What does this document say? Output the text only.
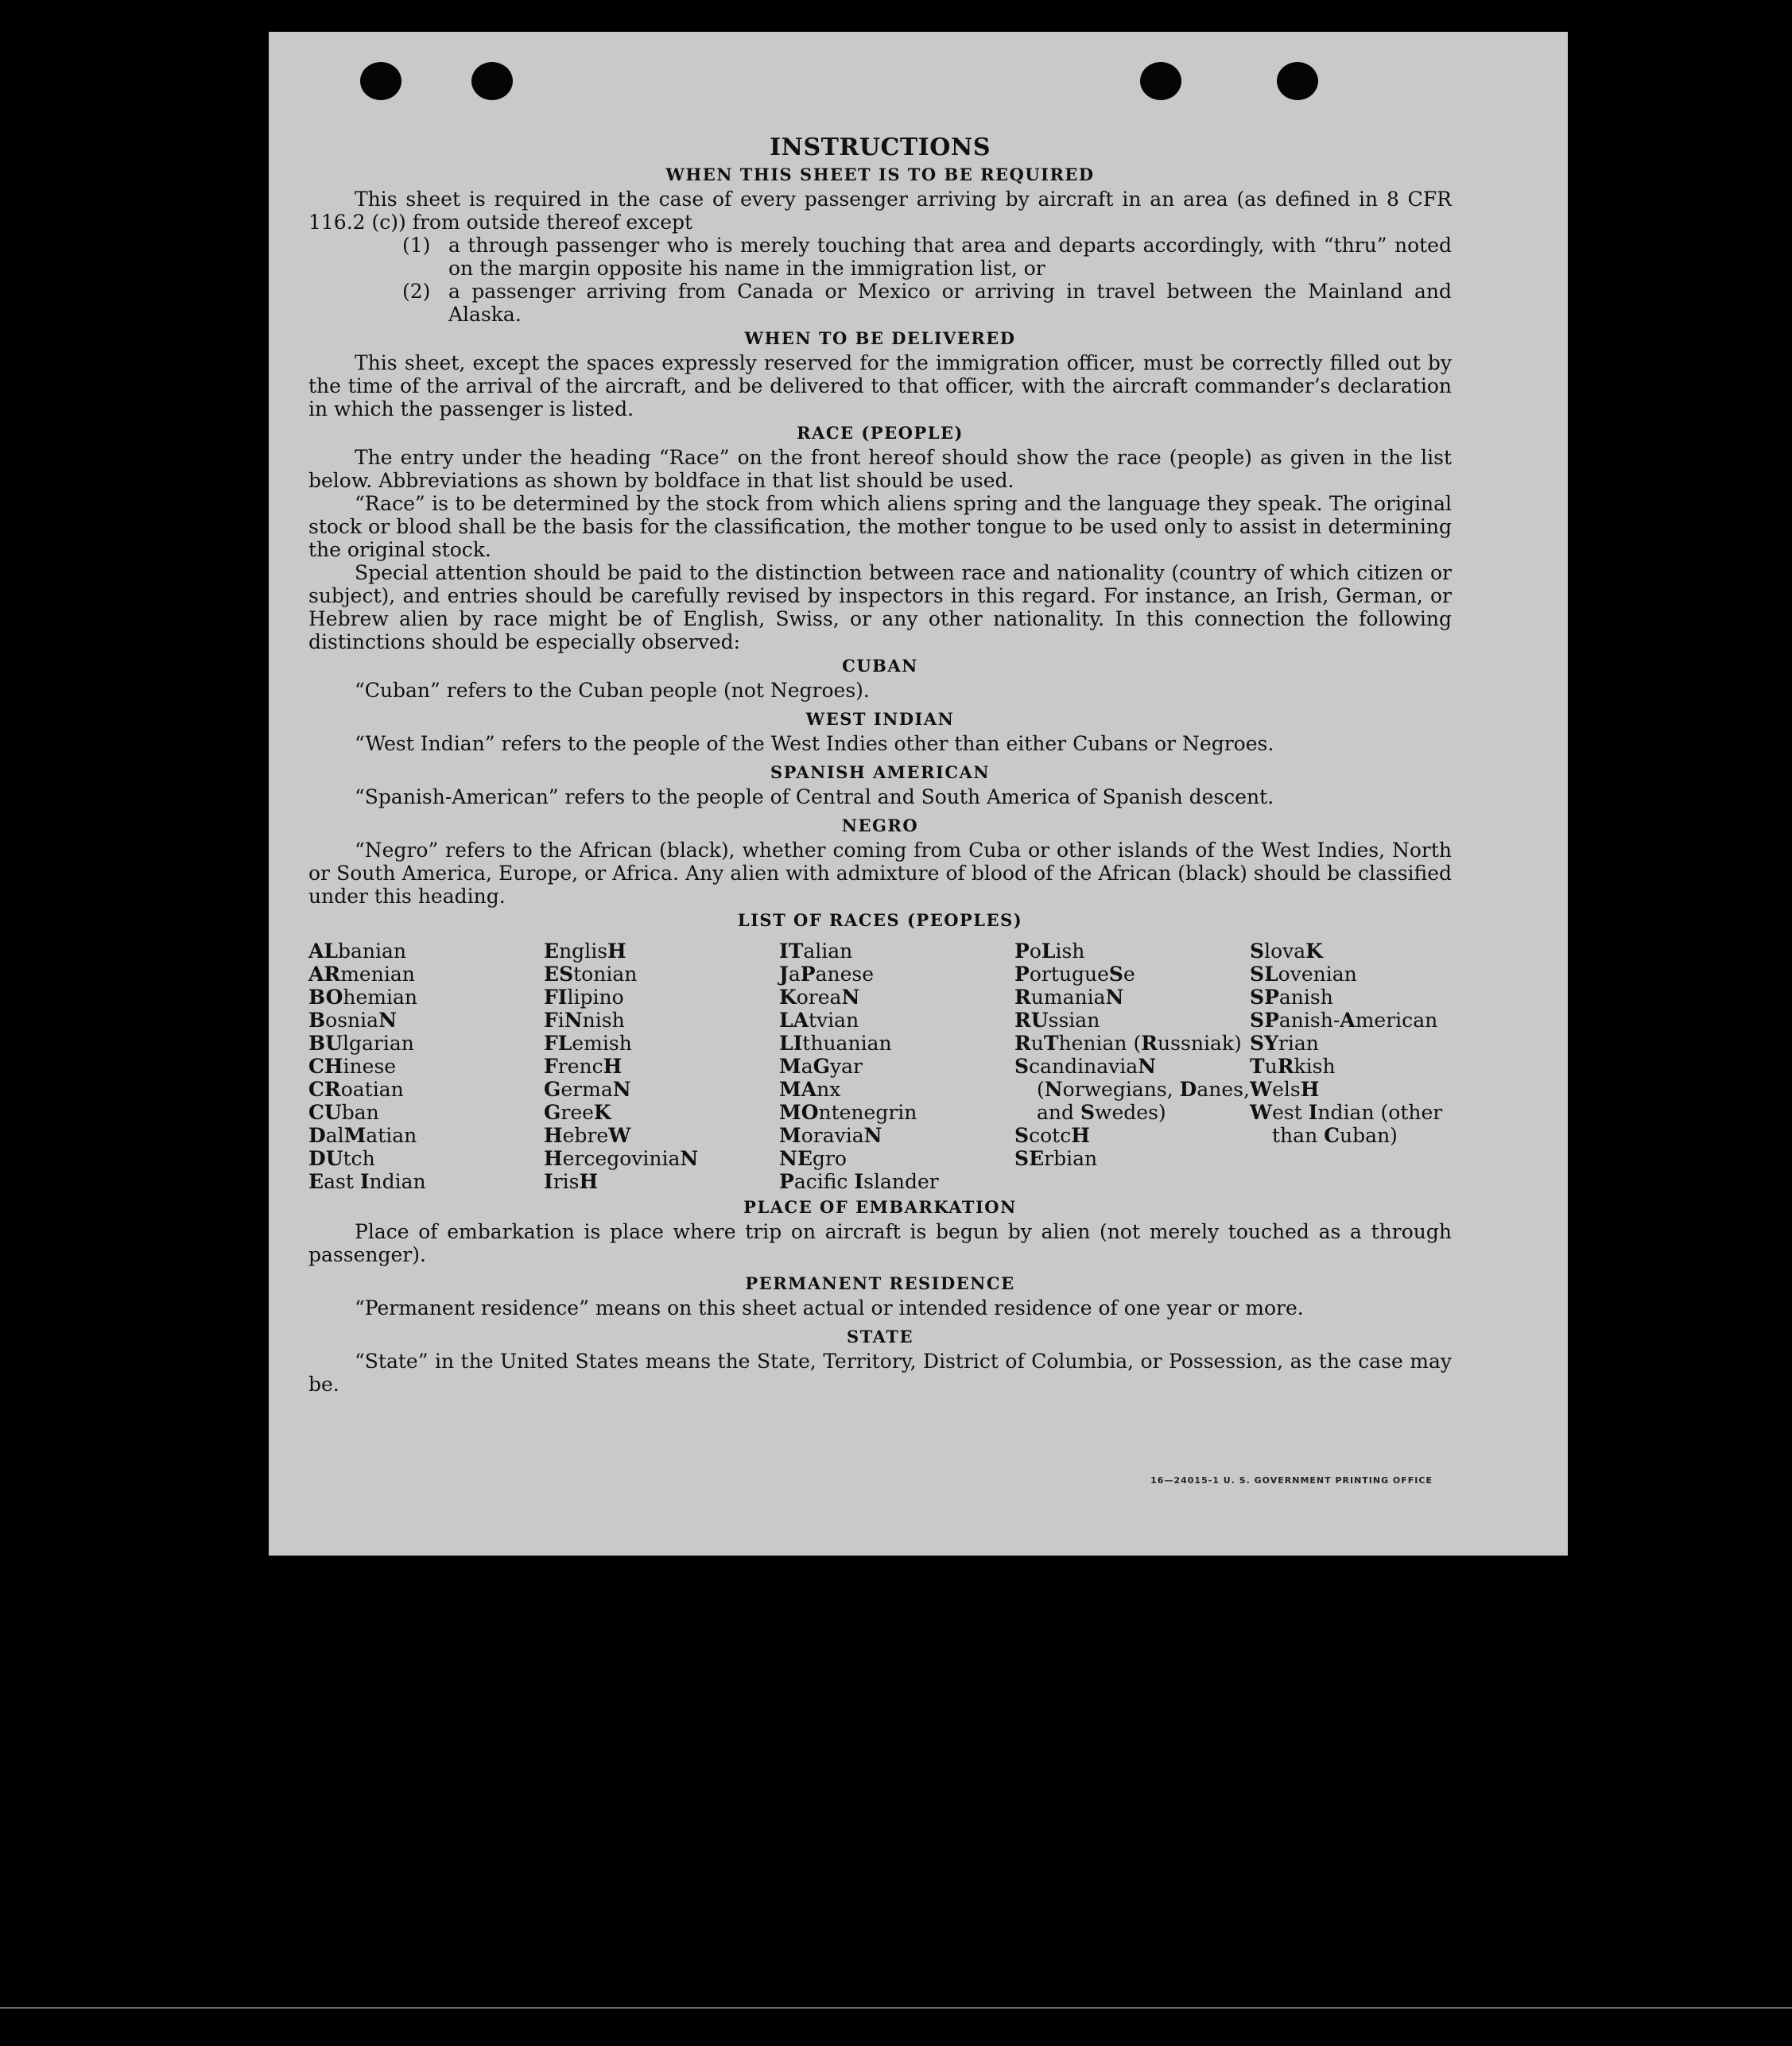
INSTRUCTIONS
WHEN THIS SHEET IS TO BE REQUIRED

This sheet is required in the case of every passenger arriving by aircraft in an area (as defined in 8 CFR 116.2 (c)) from outside thereof except

(1) a through passenger who is merely touching that area and departs accordingly, with “thru” noted on the margin opposite his name in the immigration list, or
(2) a passenger arriving from Canada or Mexico or arriving in travel between the Mainland and Alaska.
WHEN TO BE DELIVERED

This sheet, except the spaces expressly reserved for the immigration officer, must be correctly filled out by the time of the arrival of the aircraft, and be delivered to that officer, with the aircraft commander’s declaration in which the passenger is listed.

RACE (PEOPLE)

The entry under the heading “Race” on the front hereof should show the race (people) as given in the list below. Abbreviations as shown by boldface in that list should be used.

“Race” is to be determined by the stock from which aliens spring and the language they speak. The original stock or blood shall be the basis for the classification, the mother tongue to be used only to assist in determining the original stock.

Special attention should be paid to the distinction between race and nationality (country of which citizen or subject), and entries should be carefully revised by inspectors in this regard. For instance, an Irish, German, or Hebrew alien by race might be of English, Swiss, or any other nationality. In this connection the following distinctions should be especially observed:

CUBAN

“Cuban” refers to the Cuban people (not Negroes).

WEST INDIAN

“West Indian” refers to the people of the West Indies other than either Cubans or Negroes.

SPANISH AMERICAN

“Spanish-American” refers to the people of Central and South America of Spanish descent.

NEGRO

“Negro” refers to the African (black), whether coming from Cuba or other islands of the West Indies, North or South America, Europe, or Africa. Any alien with admixture of blood of the African (black) should be classified under this heading.

LIST OF RACES (PEOPLES)
ALbanian
ARmenian
BOhemian
BosniaN
BUlgarian
CHinese
CRoatian
CUban
DalMatian
DUtch
East Indian
EnglisH
EStonian
FIlipino
FiNnish
FLemish
FrencH
GermaN
GreeK
HebreW
HercegoviniaN
IrisH
ITalian
JaPanese
KoreaN
LAtvian
LIthuanian
MaGyar
MAnx
MOntenegrin
MoraviaN
NEgro
Pacifc Islander
PoLish
PortugueSe
RumaniaN
RUssian
RuThenian (Russniak)
ScandinaviaN (Norwegians, Danes, and Swedes)
ScotcH
SErbian
SlovaK
SLovenian
SPanish
SPanish-American
SYrian
TuRkish
WelsH
West Indian (other than Cuban)
PLACE OF EMBARKATION

Place of embarkation is place where trip on aircraft is begun by alien (not merely touched as a through passenger).

PERMANENT RESIDENCE

“Permanent residence” means on this sheet actual or intended residence of one year or more.

STATE

“State” in the United States means the State, Territory, District of Columbia, or Possession, as the case may be.

16—24015-1 U. S. GOVERNMENT PRINTING OFFICE
